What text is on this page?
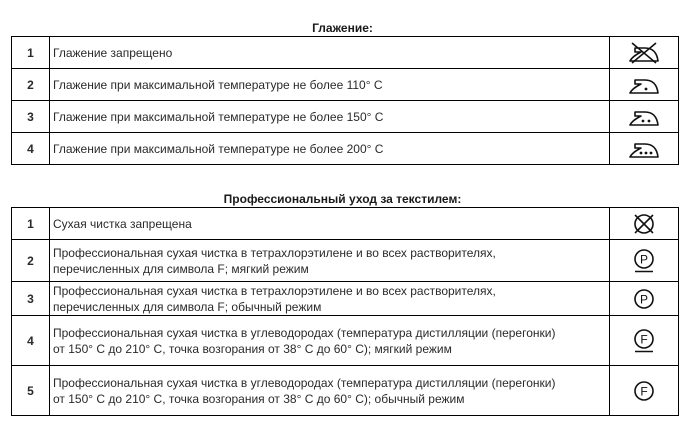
Глажение:
1	Глажение запрещено	

2	Глажение при максимальной температуре не более 110° С	

3	Глажение при максимальной температуре не более 150° С	

4	Глажение при максимальной температуре не более 200° С	
Профессиональный уход за текстилем:
1	Сухая чистка запрещена	

2	Профессиональная сухая чистка в тетрахлорэтилене и во всех растворителях,
перечисленных для символа F; мягкий режим	P

3	Профессиональная сухая чистка в тетрахлорэтилене и во всех растворителях,
перечисленных для символа F; обычный режим	P

4	Профессиональная сухая чистка в углеводородах (температура дистилляции (перегонки)
от 150° С до 210° С, точка возгорания от 38° С до 60° С); мягкий режим	F

5	Профессиональная сухая чистка в углеводородах (температура дистилляции (перегонки)
от 150° С до 210° С, точка возгорания от 38° С до 60° С); обычный режим	F
